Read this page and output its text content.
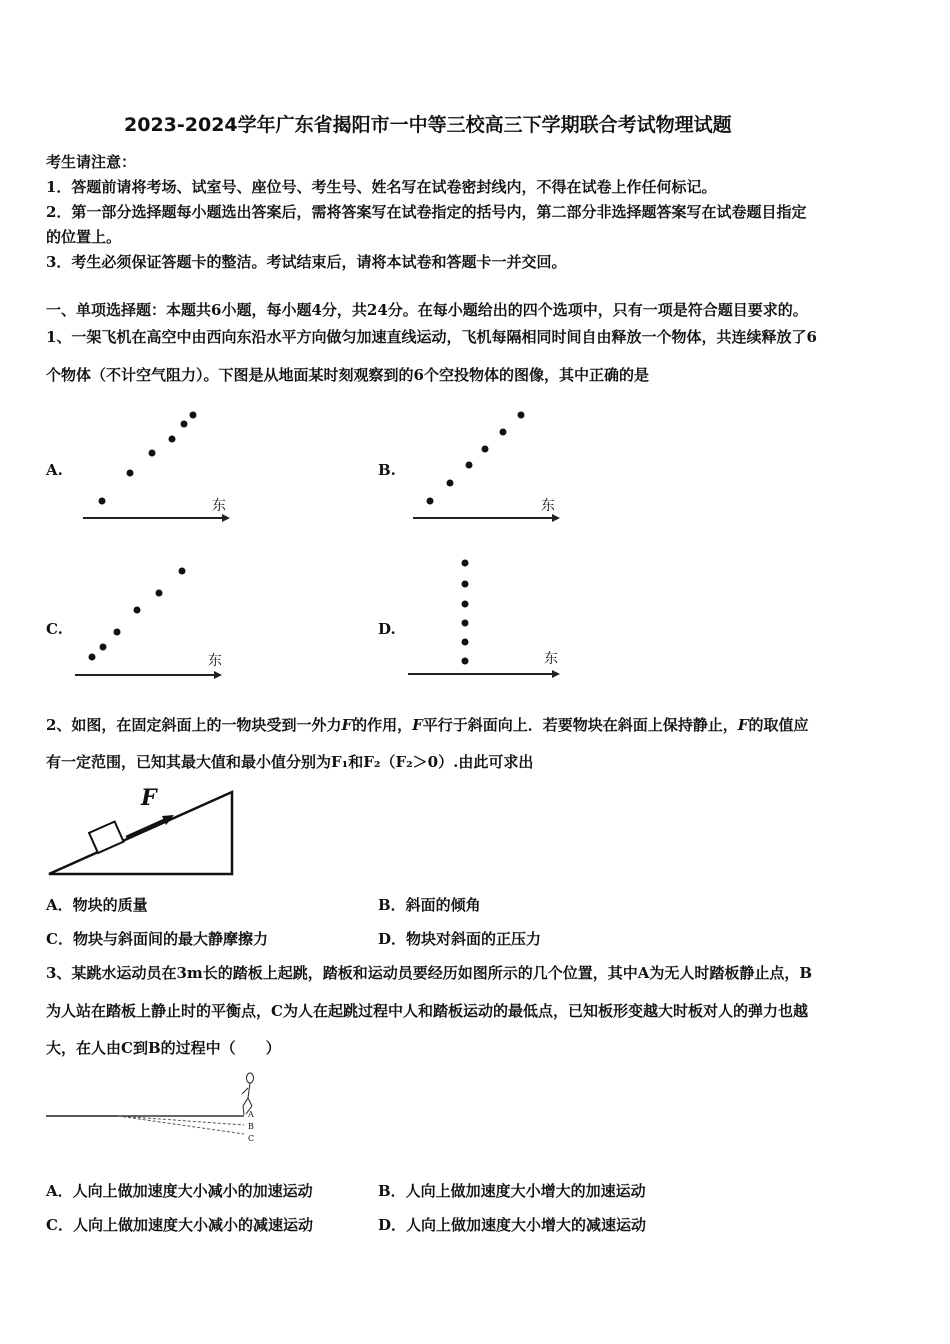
2023-2024学年广东省揭阳市一中等三校高三下学期联合考试物理试题
考生请注意：
1．答题前请将考场、试室号、座位号、考生号、姓名写在试卷密封线内，不得在试卷上作任何标记。
2．第一部分选择题每小题选出答案后，需将答案写在试卷指定的括号内，第二部分非选择题答案写在试卷题目指定
的位置上。
3．考生必须保证答题卡的整洁。考试结束后，请将本试卷和答题卡一并交回。
一、单项选择题：本题共6小题，每小题4分，共24分。在每小题给出的四个选项中，只有一项是符合题目要求的。
1、一架飞机在高空中由西向东沿水平方向做匀加速直线运动，飞机每隔相同时间自由释放一个物体，共连续释放了6
个物体（不计空气阻力）。下图是从地面某时刻观察到的6个空投物体的图像，其中正确的是
A.
东
B.
东
C.
东
D.
东
2、如图，在固定斜面上的一物块受到一外力F的作用，F平行于斜面向上．若要物块在斜面上保持静止，F的取值应
有一定范围，已知其最大值和最小值分别为F₁和F₂（F₂＞0）.由此可求出
F
A．物块的质量	B．斜面的倾角
C．物块与斜面间的最大静摩擦力	D．物块对斜面的正压力
3、某跳水运动员在3m长的踏板上起跳，踏板和运动员要经历如图所示的几个位置，其中A为无人时踏板静止点，B
为人站在踏板上静止时的平衡点，C为人在起跳过程中人和踏板运动的最低点，已知板形变越大时板对人的弹力也越
大，在人由C到B的过程中（　　）
A
B
C
A．人向上做加速度大小减小的加速运动	B．人向上做加速度大小增大的加速运动
C．人向上做加速度大小减小的减速运动	D．人向上做加速度大小增大的减速运动
